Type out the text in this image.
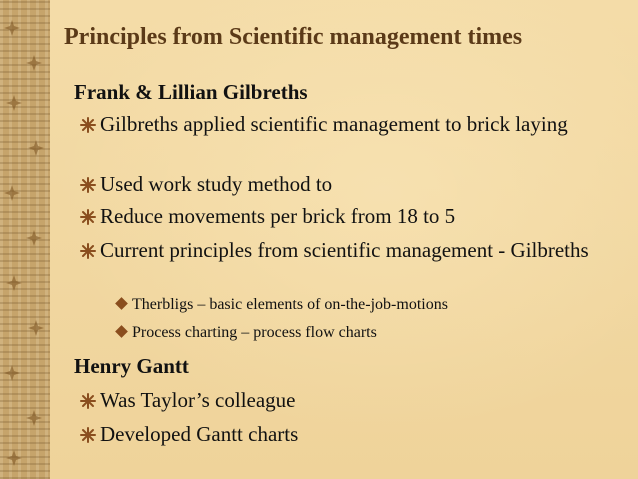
Principles from Scientific management times
Frank & Lillian Gilbreths
Gilbreths applied scientific management to brick laying
Used work study method to
Reduce movements per brick from 18 to 5
Current principles from scientific management - Gilbreths
Therbligs – basic elements of on-the-job-motions
Process charting – process flow charts
Henry Gantt
Was Taylor’s colleague
Developed Gantt charts
